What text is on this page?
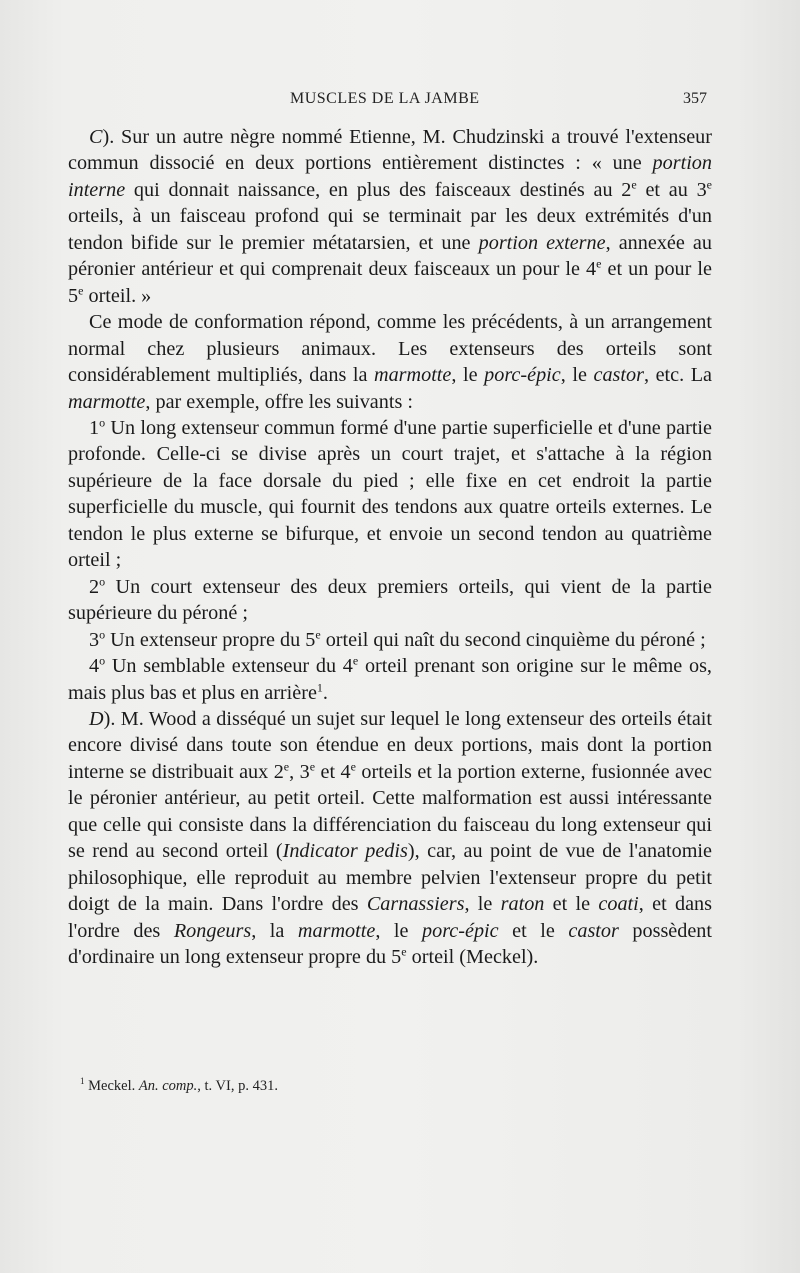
MUSCLES DE LA JAMBE	357

C). Sur un autre nègre nommé Etienne, M. Chudzinski a trouvé l'extenseur commun dissocié en deux portions entièrement distinctes : « une portion interne qui donnait naissance, en plus des faisceaux destinés au 2e et au 3e orteils, à un faisceau profond qui se terminait par les deux extrémités d'un tendon bifide sur le premier métatarsien, et une portion externe, annexée au péronier antérieur et qui comprenait deux faisceaux un pour le 4e et un pour le 5e orteil. »

Ce mode de conformation répond, comme les précédents, à un arrangement normal chez plusieurs animaux. Les extenseurs des orteils sont considérablement multipliés, dans la marmotte, le porc-épic, le castor, etc. La marmotte, par exemple, offre les suivants :

1$^o$ Un long extenseur commun formé d'une partie superficielle et d'une partie profonde. Celle-ci se divise après un court trajet, et s'attache à la région supérieure de la face dorsale du pied ; elle fixe en cet endroit la partie superficielle du muscle, qui fournit des tendons aux quatre orteils externes. Le tendon le plus externe se bifurque, et envoie un second tendon au quatrième orteil ;

2$^o$ Un court extenseur des deux premiers orteils, qui vient de la partie supérieure du péroné ;

3$^o$ Un extenseur propre du 5e orteil qui naît du second cinquième du péroné ;

4$^o$ Un semblable extenseur du 4e orteil prenant son origine sur le même os, mais plus bas et plus en arrière$^1$.

D). M. Wood a disséqué un sujet sur lequel le long extenseur des orteils était encore divisé dans toute son étendue en deux portions, mais dont la portion interne se distribuait aux 2e, 3e et 4e orteils et la portion externe, fusionnée avec le péronier antérieur, au petit orteil. Cette malformation est aussi intéressante que celle qui consiste dans la différenciation du faisceau du long extenseur qui se rend au second orteil (Indicator pedis), car, au point de vue de l'anatomie philosophique, elle reproduit au membre pelvien l'extenseur propre du petit doigt de la main. Dans l'ordre des Carnassiers, le raton et le coati, et dans l'ordre des Rongeurs, la marmotte, le porc-épic et le castor possèdent d'ordinaire un long extenseur propre du 5e orteil (Meckel).

$^1$ Meckel. An. comp., t. VI, p. 431.
